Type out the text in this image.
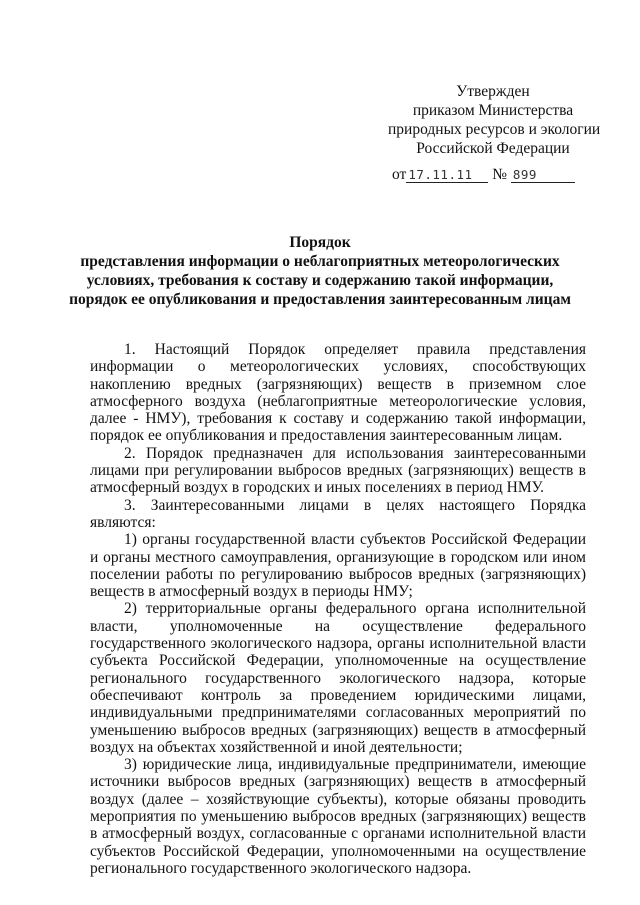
Утвержден
приказом Министерства
природных ресурсов и экологии
Российской Федерации
от 17.11.11 № 899
Порядок
представления информации о неблагоприятных метеорологических условиях, требования к составу и содержанию такой информации, порядок ее опубликования и предоставления заинтересованным лицам

1. Настоящий Порядок определяет правила представления информации о метеорологических условиях, способствующих накоплению вредных (загрязняющих) веществ в приземном слое атмосферного воздуха (неблагоприятные метеорологические условия, далее - НМУ), требования к составу и содержанию такой информации, порядок ее опубликования и предоставления заинтересованным лицам.

2. Порядок предназначен для использования заинтересованными лицами при регулировании выбросов вредных (загрязняющих) веществ в атмосферный воздух в городских и иных поселениях в период НМУ.

3. Заинтересованными лицами в целях настоящего Порядка являются:

1) органы государственной власти субъектов Российской Федерации и органы местного самоуправления, организующие в городском или ином поселении работы по регулированию выбросов вредных (загрязняющих) веществ в атмосферный воздух в периоды НМУ;

2) территориальные органы федерального органа исполнительной власти, уполномоченные на осуществление федерального государственного экологического надзора, органы исполнительной власти субъекта Российской Федерации, уполномоченные на осуществление регионального государственного экологического надзора, которые обеспечивают контроль за проведением юридическими лицами, индивидуальными предпринимателями согласованных мероприятий по уменьшению выбросов вредных (загрязняющих) веществ в атмосферный воздух на объектах хозяйственной и иной деятельности;

3) юридические лица, индивидуальные предприниматели, имеющие источники выбросов вредных (загрязняющих) веществ в атмосферный воздух (далее – хозяйствующие субъекты), которые обязаны проводить мероприятия по уменьшению выбросов вредных (загрязняющих) веществ в атмосферный воздух, согласованные с органами исполнительной власти субъектов Российской Федерации, уполномоченными на осуществление регионального государственного экологического надзора.
